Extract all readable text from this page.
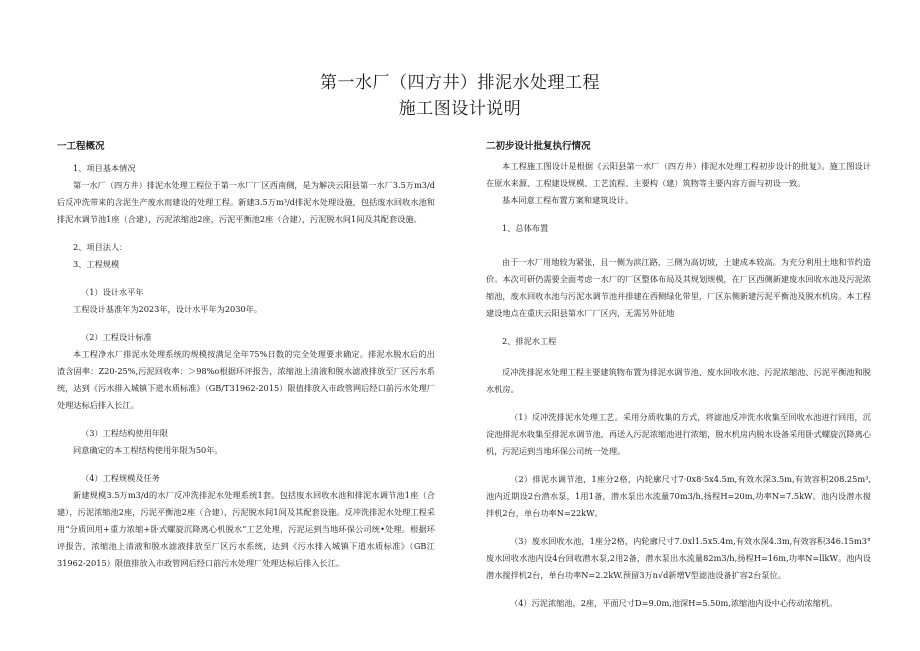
第一水厂（四方井）排泥水处理工程
施工图设计说明
一工程概况

1、项目基本情况

第一水厂（四方井）排泥水处理工程位于第一水厂厂区西南侧，是为解决云阳县第一水厂3.5万m3/d后反冲洗带来的含泥生产废水而建设的处理工程。新建3.5万m³/d排泥水处理设施，包括废水回收水池和排泥水调节池1座（合建），污泥浓缩池2座，污泥平衡池2座（合建），污泥脱水间1间及其配套设施。

2、项目法人：

3、工程规模

（1）设计水平年

工程设计基准年为2023年，设计水平年为2030年。

（2）工程设计标准

本工程净水厂排泥水处理系统的规模按满足全年75%日数的完全处理要求确定。排泥水脱水后的出渣含固率：Z20-25%,污泥回收率：＞98%o根据环评报告，浓缩池上清液和脱水滤液排放至厂区污水系统，达到《污水排入城镇下道水质标准》（GB/T31962-2015）限值排放入市政管网后经口前污水处理厂处理达标后排入长江。

（3）工程结构使用年限

同意确定的本工程结构使用年限为50年。

（4）工程规模及任务

新建规模3.5万m3/d的水厂反冲洗排泥水处理系统1套。包括废水回收水池和排泥水调节池1座（合建），污泥浓缩池2座，污泥平衡池2座（合建），污泥脱水间1间及其配套设施。反冲洗排泥水处理工程采用“分质回用+重力浓缩+卧式螺旋沉降离心机脱水”工艺处理，污泥运到当地环保公司统•处理。根据环评报告，浓缩池上清液和脱水滤液排放至厂区污水系统，达到《污水排入城镇下道水质标准》（GB江31962-2015）限值排放入市政管网后经口前污水处理厂处理达标后排入长江。

二初步设计批复执行情况

本工程施工图设计是根据《云阳县第一水厂（四方井）排泥水处理工程初步设计的批复》。施工图设计在原水来源、工程建设规模、工艺流程、主要构（建）筑物等主要内容方面与初设一致。

基本同意工程布置方案和建筑设计。

1、总体布置

由于一水厂用地较为紧张，且一侧为滨江路，三侧为高切坡，土建成本较高。为充分利用土地和节约造价。本次可研仍需要全面考虑一水厂的厂区整体布局及其规划规模，在厂区西侧新建废水回收水池及污泥浓缩池，废水回收水池与污泥水调节池并排建在西侧绿化带里，厂区东侧新建污泥平衡池及脱水机房。本工程建设地点在重庆云阳县第水厂厂区内，无需另外征地

2、排泥水工程

反冲洗排泥水处理工程主要建筑物布置为排泥水调节池、废水回收水池、污泥浓缩池、污泥平衡池和脱水机房。

（1）反冲洗排泥水处理工艺。采用分质收集的方式，将滤池反冲洗水收集至回收水池进行回用，沉淀池排泥水收集至排泥水调节池，再送入污泥浓缩池进行浓缩，脱水机房内脱水设备采用卧式螺旋沉降离心机，污泥运到当地环保公司统一处理。

（2）排泥水调节池，1座分2格，内轮廓尺寸7·0x8·5x4.5m,有效水深3.5m,有效容积208.25m³,池内近期设2台潜水泵，1用1备，潜水泵出水流量70m3/h,扬程H=20m,功率N=7.5kW。池内设潜水搅拌机2台，单台功率N=22kW。

（3）废水回收水池，1座分2格，内轮廓尺寸7.0xl1.5x5.4m,有效水深4.3m,有效容积346.15m3°废水回收水池内设4台回收潜水泵,2用2备，潜水泵出水流量82m3/h,扬程H=16m,功率N=llkW。池内设潜水搅拌机2台，单台功率N=2.2kW.预留3万n√d新增V型滤池设备扩容2台泵位。

（4）污泥浓缩池，2座，平面尺寸D=9.0m,池深H=5.50m,浓缩池内设中心传动浓缩机。
